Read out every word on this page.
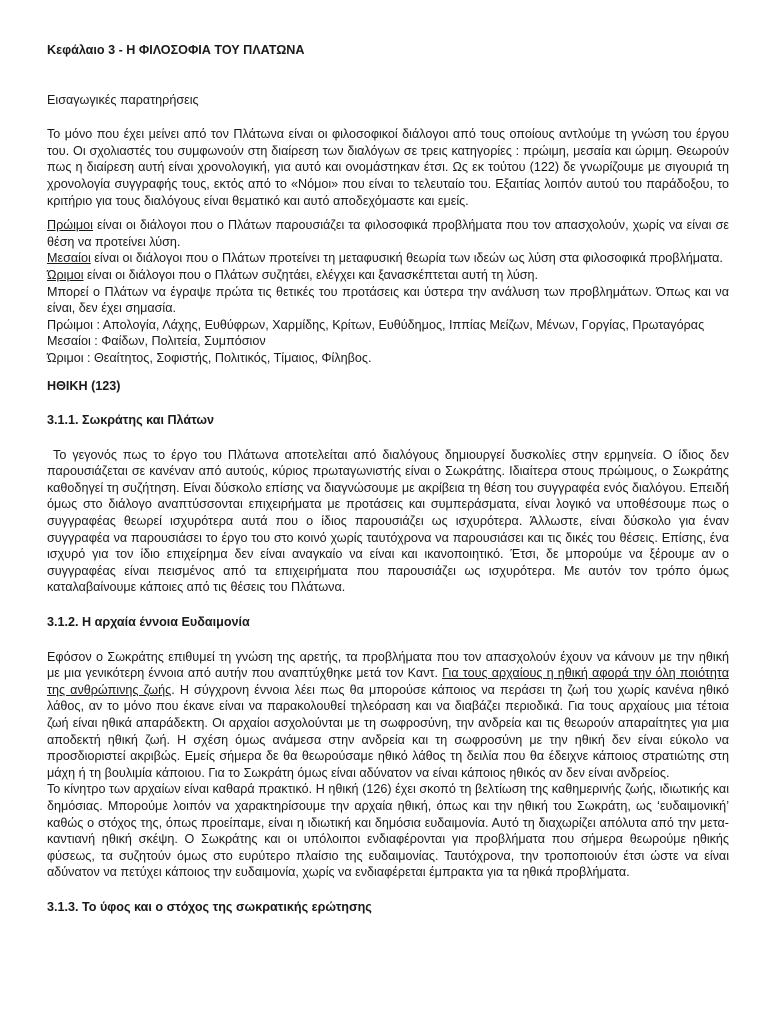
Κεφάλαιο 3 - Η ΦΙΛΟΣΟΦΙΑ ΤΟΥ ΠΛΑΤΩΝΑ

Εισαγωγικές παρατηρήσεις

Το μόνο που έχει μείνει από τον Πλάτωνα είναι οι φιλοσοφικοί διάλογοι από τους οποίους αντλούμε τη γνώση του έργου του. Οι σχολιαστές του συμφωνούν στη διαίρεση των διαλόγων σε τρεις κατηγορίες : πρώιμη, μεσαία και ώριμη. Θεωρούν πως η διαίρεση αυτή είναι χρονολογική, για αυτό και ονομάστηκαν έτσι. Ως εκ τούτου (122) δε γνωρίζουμε με σιγουριά τη χρονολογία συγγραφής τους, εκτός από το «Νόμοι» που είναι το τελευταίο του. Εξαιτίας λοιπόν αυτού του παράδοξου, το κριτήριο για τους διαλόγους είναι θεματικό και αυτό αποδεχόμαστε και εμείς.

Πρώιμοι είναι οι διάλογοι που ο Πλάτων παρουσιάζει τα φιλοσοφικά προβλήματα που τον απασχολούν, χωρίς να είναι σε θέση να προτείνει λύση.

Μεσαίοι είναι οι διάλογοι που ο Πλάτων προτείνει τη μεταφυσική θεωρία των ιδεών ως λύση στα φιλοσοφικά προβλήματα.

Ώριμοι είναι οι διάλογοι που ο Πλάτων συζητάει, ελέγχει και ξανασκέπτεται αυτή τη λύση.

Μπορεί ο Πλάτων να έγραψε πρώτα τις θετικές του προτάσεις και ύστερα την ανάλυση των προβλημάτων. Όπως και να είναι, δεν έχει σημασία.

Πρώιμοι : Απολογία, Λάχης, Ευθύφρων, Χαρμίδης, Κρίτων, Ευθύδημος, Ιππίας Μείζων, Μένων, Γοργίας, Πρωταγόρας

Μεσαίοι : Φαίδων, Πολιτεία, Συμπόσιον

Ώριμοι : Θεαίτητος, Σοφιστής, Πολιτικός, Τίμαιος, Φίληβος.

ΗΘΙΚΗ (123)

3.1.1. Σωκράτης και Πλάτων

Το γεγονός πως το έργο του Πλάτωνα αποτελείται από διαλόγους δημιουργεί δυσκολίες στην ερμηνεία. Ο ίδιος δεν παρουσιάζεται σε κανέναν από αυτούς, κύριος πρωταγωνιστής είναι ο Σωκράτης. Ιδιαίτερα στους πρώιμους, ο Σωκράτης καθοδηγεί τη συζήτηση. Είναι δύσκολο επίσης να διαγνώσουμε με ακρίβεια τη θέση του συγγραφέα ενός διαλόγου. Επειδή όμως στο διάλογο αναπτύσσονται επιχειρήματα με προτάσεις και συμπεράσματα, είναι λογικό να υποθέσουμε πως ο συγγραφέας θεωρεί ισχυρότερα αυτά που ο ίδιος παρουσιάζει ως ισχυρότερα. Άλλωστε, είναι δύσκολο για έναν συγγραφέα να παρουσιάσει το έργο του στο κοινό χωρίς ταυτόχρονα να παρουσιάσει και τις δικές του θέσεις. Επίσης, ένα ισχυρό για τον ίδιο επιχείρημα δεν είναι αναγκαίο να είναι και ικανοποιητικό. Έτσι, δε μπορούμε να ξέρουμε αν ο συγγραφέας είναι πεισμένος από τα επιχειρήματα που παρουσιάζει ως ισχυρότερα. Με αυτόν τον τρόπο όμως καταλαβαίνουμε κάποιες από τις θέσεις του Πλάτωνα.

3.1.2. Η αρχαία έννοια Ευδαιμονία

Εφόσον ο Σωκράτης επιθυμεί τη γνώση της αρετής, τα προβλήματα που τον απασχολούν έχουν να κάνουν με την ηθική με μια γενικότερη έννοια από αυτήν που αναπτύχθηκε μετά τον Καντ. Για τους αρχαίους η ηθική αφορά την όλη ποιότητα της ανθρώπινης ζωής. Η σύγχρονη έννοια λέει πως θα μπορούσε κάποιος να περάσει τη ζωή του χωρίς κανένα ηθικό λάθος, αν το μόνο που έκανε είναι να παρακολουθεί τηλεόραση και να διαβάζει περιοδικά. Για τους αρχαίους μια τέτοια ζωή είναι ηθικά απαράδεκτη. Οι αρχαίοι ασχολούνται με τη σωφροσύνη, την ανδρεία και τις θεωρούν απαραίτητες για μια αποδεκτή ηθική ζωή. Η σχέση όμως ανάμεσα στην ανδρεία και τη σωφροσύνη με την ηθική δεν είναι εύκολο να προσδιοριστεί ακριβώς. Εμείς σήμερα δε θα θεωρούσαμε ηθικό λάθος τη δειλία που θα έδειχνε κάποιος στρατιώτης στη μάχη ή τη βουλιμία κάποιου. Για το Σωκράτη όμως είναι αδύνατον να είναι κάποιος ηθικός αν δεν είναι ανδρείος.

Το κίνητρο των αρχαίων είναι καθαρά πρακτικό. Η ηθική (126) έχει σκοπό τη βελτίωση της καθημερινής ζωής, ιδιωτικής και δημόσιας. Μπορούμε λοιπόν να χαρακτηρίσουμε την αρχαία ηθική, όπως και την ηθική του Σωκράτη, ως ‘ευδαιμονική’ καθώς ο στόχος της, όπως προείπαμε, είναι η ιδιωτική και δημόσια ευδαιμονία. Αυτό τη διαχωρίζει απόλυτα από την μετα-καντιανή ηθική σκέψη. Ο Σωκράτης και οι υπόλοιποι ενδιαφέρονται για προβλήματα που σήμερα θεωρούμε ηθικής φύσεως, τα συζητούν όμως στο ευρύτερο πλαίσιο της ευδαιμονίας. Ταυτόχρονα, την τροποποιούν έτσι ώστε να είναι αδύνατον να πετύχει κάποιος την ευδαιμονία, χωρίς να ενδιαφέρεται έμπρακτα για τα ηθικά προβλήματα.

3.1.3. Το ύφος και ο στόχος της σωκρατικής ερώτησης
